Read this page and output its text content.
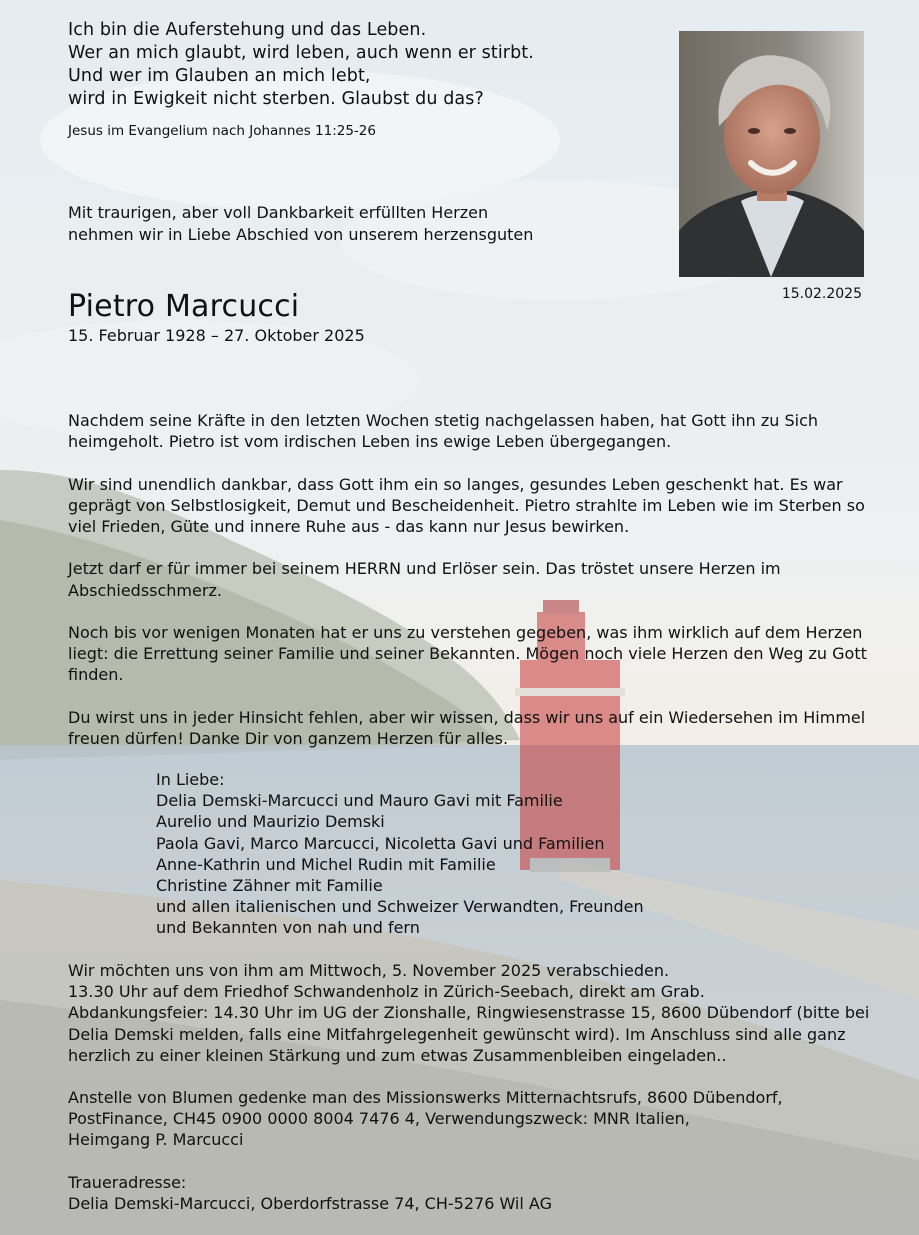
Ich bin die Auferstehung und das Leben.

Wer an mich glaubt, wird leben, auch wenn er stirbt.

Und wer im Glauben an mich lebt,

wird in Ewigkeit nicht sterben. Glaubst du das?

Jesus im Evangelium nach Johannes 11:25-26
15.02.2025

Mit traurigen, aber voll Dankbarkeit erfüllten Herzen

nehmen wir in Liebe Abschied von unserem herzensguten

Pietro Marcucci
15. Februar 1928 – 27. Oktober 2025

Nachdem seine Kräfte in den letzten Wochen stetig nachgelassen haben, hat Gott ihn zu Sich heimgeholt. Pietro ist vom irdischen Leben ins ewige Leben übergegangen.

Wir sind unendlich dankbar, dass Gott ihm ein so langes, gesundes Leben geschenkt hat. Es war geprägt von Selbstlosigkeit, Demut und Bescheidenheit. Pietro strahlte im Leben wie im Sterben so viel Frieden, Güte und innere Ruhe aus - das kann nur Jesus bewirken.

Jetzt darf er für immer bei seinem HERRN und Erlöser sein. Das tröstet unsere Herzen im Abschiedsschmerz.

Noch bis vor wenigen Monaten hat er uns zu verstehen gegeben, was ihm wirklich auf dem Herzen liegt: die Errettung seiner Familie und seiner Bekannten. Mögen noch viele Herzen den Weg zu Gott finden.

Du wirst uns in jeder Hinsicht fehlen, aber wir wissen, dass wir uns auf ein Wiedersehen im Himmel freuen dürfen! Danke Dir von ganzem Herzen für alles.

In Liebe:
Delia Demski-Marcucci und Mauro Gavi mit Familie
Aurelio und Maurizio Demski
Paola Gavi, Marco Marcucci, Nicoletta Gavi und Familien
Anne-Kathrin und Michel Rudin mit Familie
Christine Zähner mit Familie
und allen italienischen und Schweizer Verwandten, Freunden
und Bekannten von nah und fern

Wir möchten uns von ihm am Mittwoch, 5. November 2025 verabschieden.

13.30 Uhr auf dem Friedhof Schwandenholz in Zürich-Seebach, direkt am Grab.

Abdankungsfeier: 14.30 Uhr im UG der Zionshalle, Ringwiesenstrasse 15, 8600 Dübendorf (bitte bei Delia Demski melden, falls eine Mitfahrgelegenheit gewünscht wird). Im Anschluss sind alle ganz herzlich zu einer kleinen Stärkung und zum etwas Zusammenbleiben eingeladen..

Anstelle von Blumen gedenke man des Missionswerks Mitternachtsrufs, 8600 Dübendorf,

PostFinance, CH45 0900 0000 8004 7476 4, Verwendungszweck: MNR Italien,

Heimgang P. Marcucci

Traueradresse:
Delia Demski-Marcucci, Oberdorfstrasse 74, CH-5276 Wil AG
